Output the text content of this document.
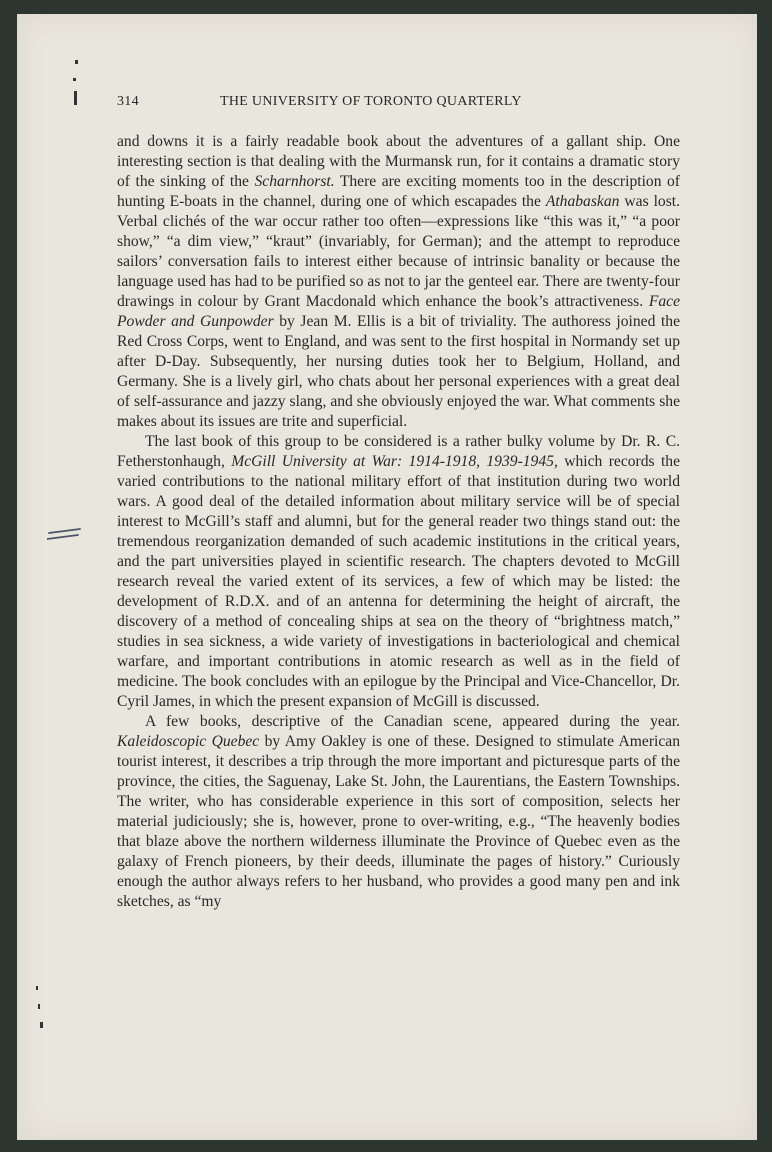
314	THE UNIVERSITY OF TORONTO QUARTERLY

and downs it is a fairly readable book about the adventures of a gallant ship. One interesting section is that dealing with the Murmansk run, for it contains a dramatic story of the sinking of the Scharnhorst. There are exciting moments too in the description of hunting E-boats in the channel, during one of which escapades the Athabaskan was lost. Verbal clichés of the war occur rather too often—expressions like “this was it,” “a poor show,” “a dim view,” “kraut” (invariably, for German); and the attempt to reproduce sailors’ conversation fails to interest either because of intrinsic banality or because the language used has had to be purified so as not to jar the genteel ear. There are twenty-four drawings in colour by Grant Macdonald which enhance the book’s attractiveness. Face Powder and Gunpowder by Jean M. Ellis is a bit of triviality. The authoress joined the Red Cross Corps, went to England, and was sent to the first hospital in Normandy set up after D-Day. Subsequently, her nursing duties took her to Belgium, Holland, and Germany. She is a lively girl, who chats about her personal experiences with a great deal of self-assurance and jazzy slang, and she obviously enjoyed the war. What comments she makes about its issues are trite and superficial.

The last book of this group to be considered is a rather bulky volume by Dr. R. C. Fetherstonhaugh, McGill University at War: 1914-1918, 1939-1945, which records the varied contributions to the national military effort of that institution during two world wars. A good deal of the detailed information about military service will be of special interest to McGill’s staff and alumni, but for the general reader two things stand out: the tremendous reorganization demanded of such academic institutions in the critical years, and the part universities played in scientific research. The chapters devoted to McGill research reveal the varied extent of its services, a few of which may be listed: the development of R.D.X. and of an antenna for determining the height of aircraft, the discovery of a method of concealing ships at sea on the theory of “brightness match,” studies in sea sickness, a wide variety of investigations in bacteriological and chemical warfare, and important contributions in atomic research as well as in the field of medicine. The book concludes with an epilogue by the Principal and Vice-Chancellor, Dr. Cyril James, in which the present expansion of McGill is discussed.

A few books, descriptive of the Canadian scene, appeared during the year. Kaleidoscopic Quebec by Amy Oakley is one of these. Designed to stimulate American tourist interest, it describes a trip through the more important and picturesque parts of the province, the cities, the Saguenay, Lake St. John, the Laurentians, the Eastern Townships. The writer, who has considerable experience in this sort of composition, selects her material judiciously; she is, however, prone to over-writing, e.g., “The heavenly bodies that blaze above the northern wilderness illuminate the Province of Quebec even as the galaxy of French pioneers, by their deeds, illuminate the pages of history.” Curiously enough the author always refers to her husband, who provides a good many pen and ink sketches, as “my
